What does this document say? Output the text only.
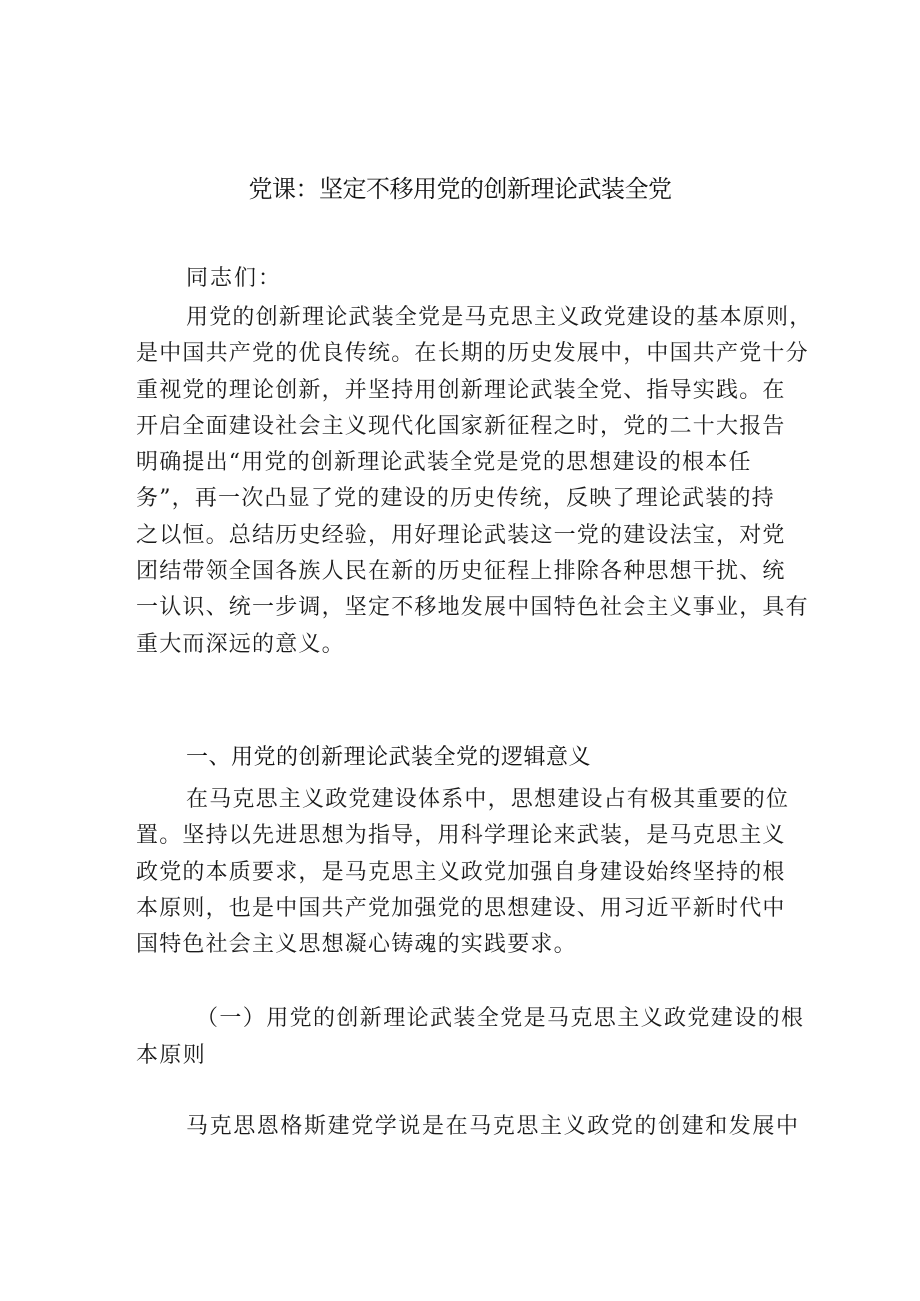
党课：坚定不移用党的创新理论武装全党
同志们：
用党的创新理论武装全党是马克思主义政党建设的基本原则，
是中国共产党的优良传统。在长期的历史发展中，中国共产党十分
重视党的理论创新，并坚持用创新理论武装全党、指导实践。在
开启全面建设社会主义现代化国家新征程之时，党的二十大报告
明确提出“用党的创新理论武装全党是党的思想建设的根本任
务”，再一次凸显了党的建设的历史传统，反映了理论武装的持
之以恒。总结历史经验，用好理论武装这一党的建设法宝，对党
团结带领全国各族人民在新的历史征程上排除各种思想干扰、统
一认识、统一步调，坚定不移地发展中国特色社会主义事业，具有
重大而深远的意义。
一、用党的创新理论武装全党的逻辑意义
在马克思主义政党建设体系中，思想建设占有极其重要的位
置。坚持以先进思想为指导，用科学理论来武装，是马克思主义
政党的本质要求，是马克思主义政党加强自身建设始终坚持的根
本原则，也是中国共产党加强党的思想建设、用习近平新时代中
国特色社会主义思想凝心铸魂的实践要求。
（一）用党的创新理论武装全党是马克思主义政党建设的根
本原则
马克思恩格斯建党学说是在马克思主义政党的创建和发展中
